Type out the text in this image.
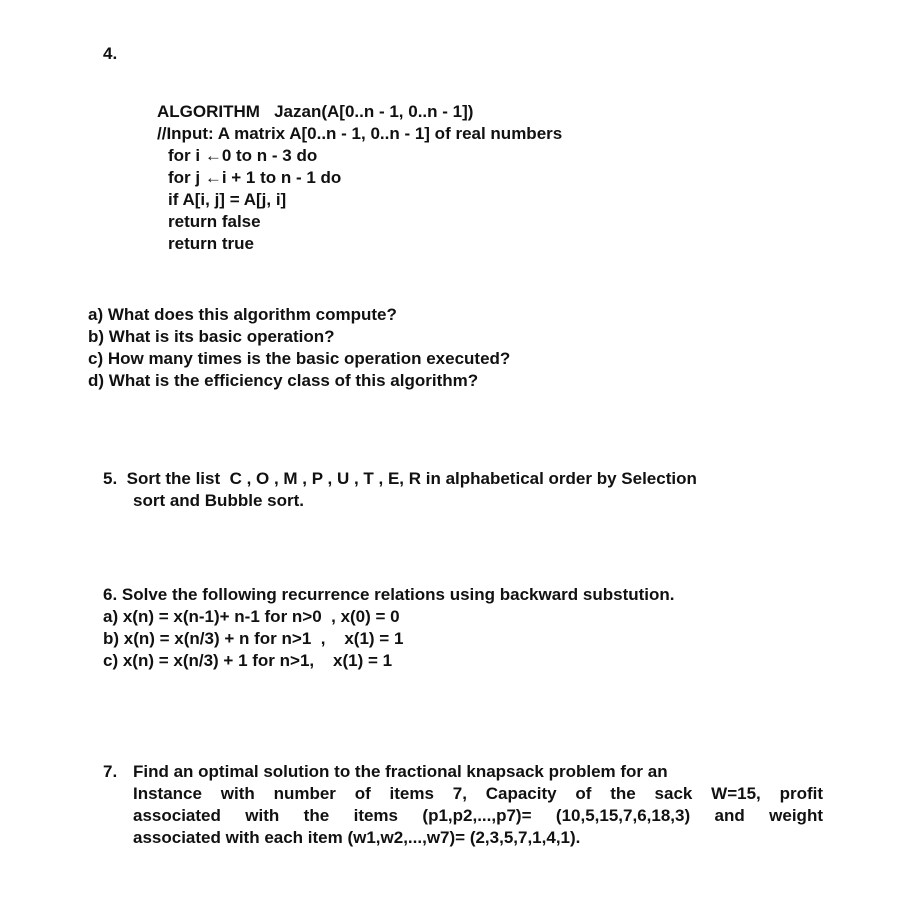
4.
ALGORITHM   Jazan(A[0..n - 1, 0..n - 1])
//Input: A matrix A[0..n - 1, 0..n - 1] of real numbers
for i ←0 to n - 3 do
for j ←i + 1 to n - 1 do
if A[i, j] = A[j, i]
return false
return true
a) What does this algorithm compute?
b) What is its basic operation?
c) How many times is the basic operation executed?
d) What is the efficiency class of this algorithm?
5.  Sort the list  C , O , M , P , U , T , E, R in alphabetical order by Selection
sort and Bubble sort.
6. Solve the following recurrence relations using backward substution.
a) x(n) = x(n-1)+ n-1 for n>0  , x(0) = 0
b) x(n) = x(n/3) + n for n>1  ,    x(1) = 1
c) x(n) = x(n/3) + 1 for n>1,    x(1) = 1
7. Find an optimal solution to the fractional knapsack problem for an
Instance with number of items 7, Capacity of the sack W=15, profit
associated with the items (p1,p2,...,p7)= (10,5,15,7,6,18,3) and weight
associated with each item (w1,w2,...,w7)= (2,3,5,7,1,4,1).
